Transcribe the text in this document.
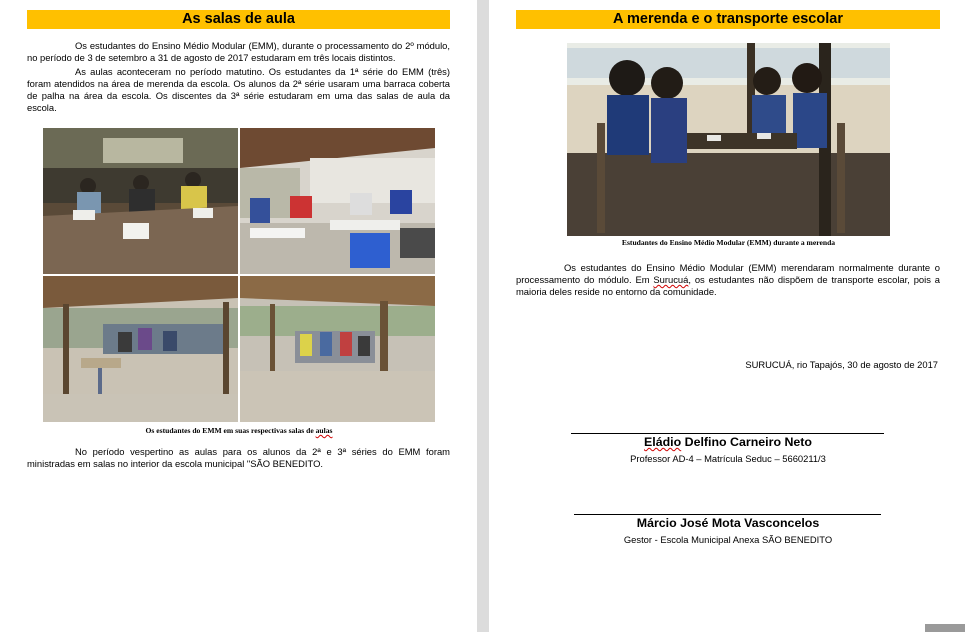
As salas de aula

Os estudantes do Ensino Médio Modular (EMM), durante o processamento do 2º módulo, no período de 3 de setembro a 31 de agosto de 2017 estudaram em três locais distintos.

As aulas aconteceram no período matutino. Os estudantes da 1ª série do EMM (três) foram atendidos na área de merenda da escola. Os alunos da 2ª série usaram uma barraca coberta de palha na área da escola. Os discentes da 3ª série estudaram em uma das salas de aula da escola.

Os estudantes do EMM em suas respectivas salas de aulas

No período vespertino as aulas para os alunos da 2ª e 3ª séries do EMM foram ministradas em salas no interior da escola municipal "SÃO BENEDITO.

A merenda e o transporte escolar
Estudantes do Ensino Médio Modular (EMM) durante a merenda

Os estudantes do Ensino Médio Modular (EMM) merendaram normalmente durante o processamento do módulo. Em Surucuá, os estudantes não dispõem de transporte escolar, pois a maioria deles reside no entorno da comunidade.

SURUCUÁ, rio Tapajós, 30 de agosto de 2017
Eládio Delfino Carneiro Neto
Professor AD-4 – Matrícula Seduc – 5660211/3
Márcio José Mota Vasconcelos
Gestor - Escola Municipal Anexa SÃO BENEDITO
